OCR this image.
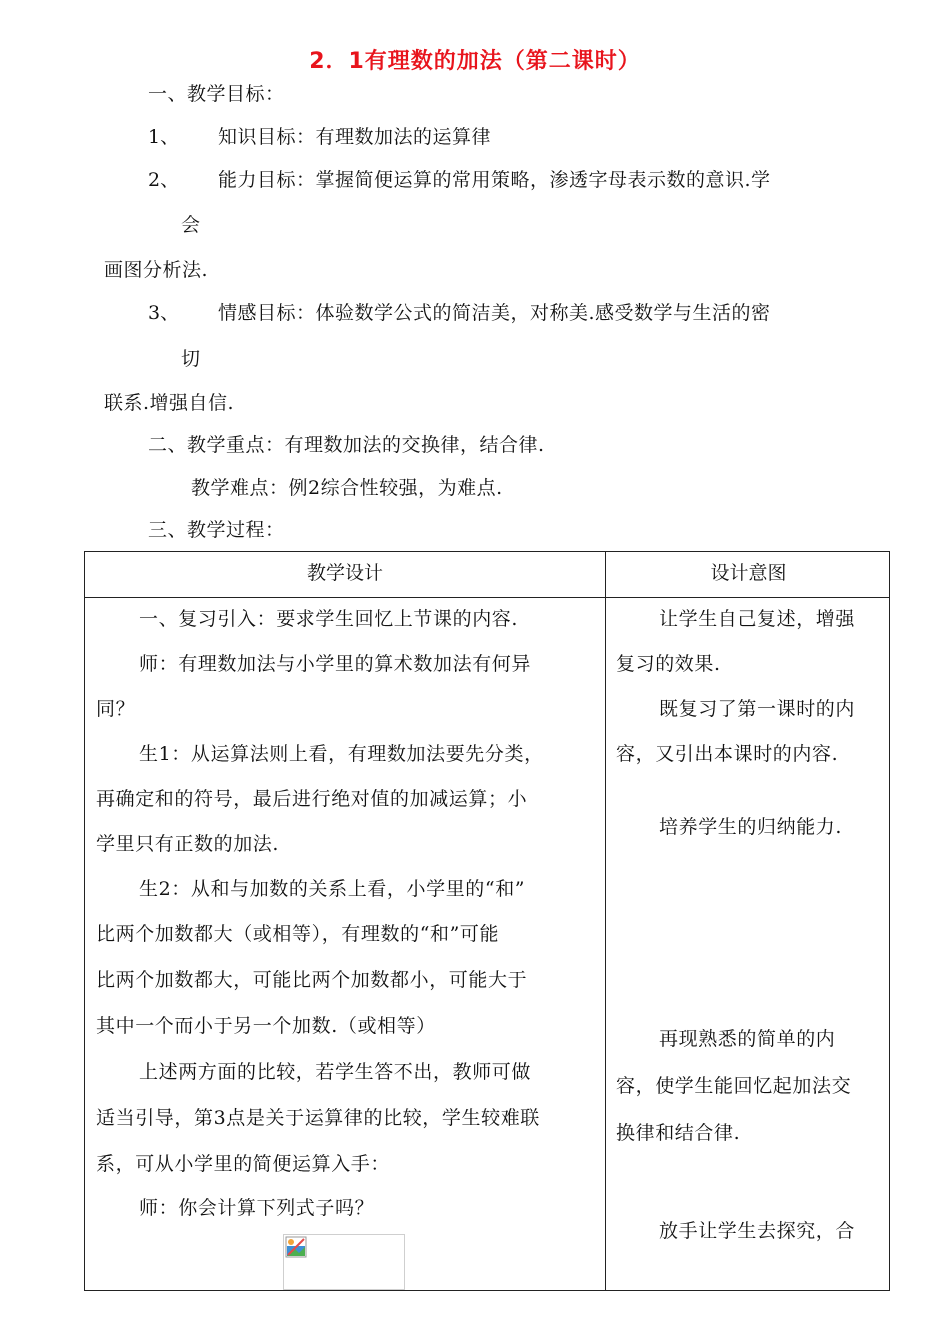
2．1有理数的加法（第二课时）
一、教学目标：
1、 知识目标：有理数加法的运算律
2、 能力目标：掌握简便运算的常用策略，渗透字母表示数的意识.学
会
画图分析法.
3、 情感目标：体验数学公式的简洁美，对称美.感受数学与生活的密
切
联系.增强自信.
二、教学重点：有理数加法的交换律，结合律.
教学难点：例2综合性较强，为难点.
三、教学过程：
教学设计	设计意图
一、复习引入：要求学生回忆上节课的内容.
师：有理数加法与小学里的算术数加法有何异
同？
生1：从运算法则上看，有理数加法要先分类，
再确定和的符号，最后进行绝对值的加减运算；小
学里只有正数的加法.
生2：从和与加数的关系上看，小学里的“和”
比两个加数都大（或相等），有理数的“和”可能
比两个加数都大，可能比两个加数都小，可能大于
其中一个而小于另一个加数.（或相等）
上述两方面的比较，若学生答不出，教师可做
适当引导，第3点是关于运算律的比较，学生较难联
系，可从小学里的简便运算入手：
师：你会计算下列式子吗？
让学生自己复述，增强
复习的效果.
既复习了第一课时的内
容，又引出本课时的内容.
培养学生的归纳能力.
再现熟悉的简单的内
容，使学生能回忆起加法交
换律和结合律.
放手让学生去探究，合
